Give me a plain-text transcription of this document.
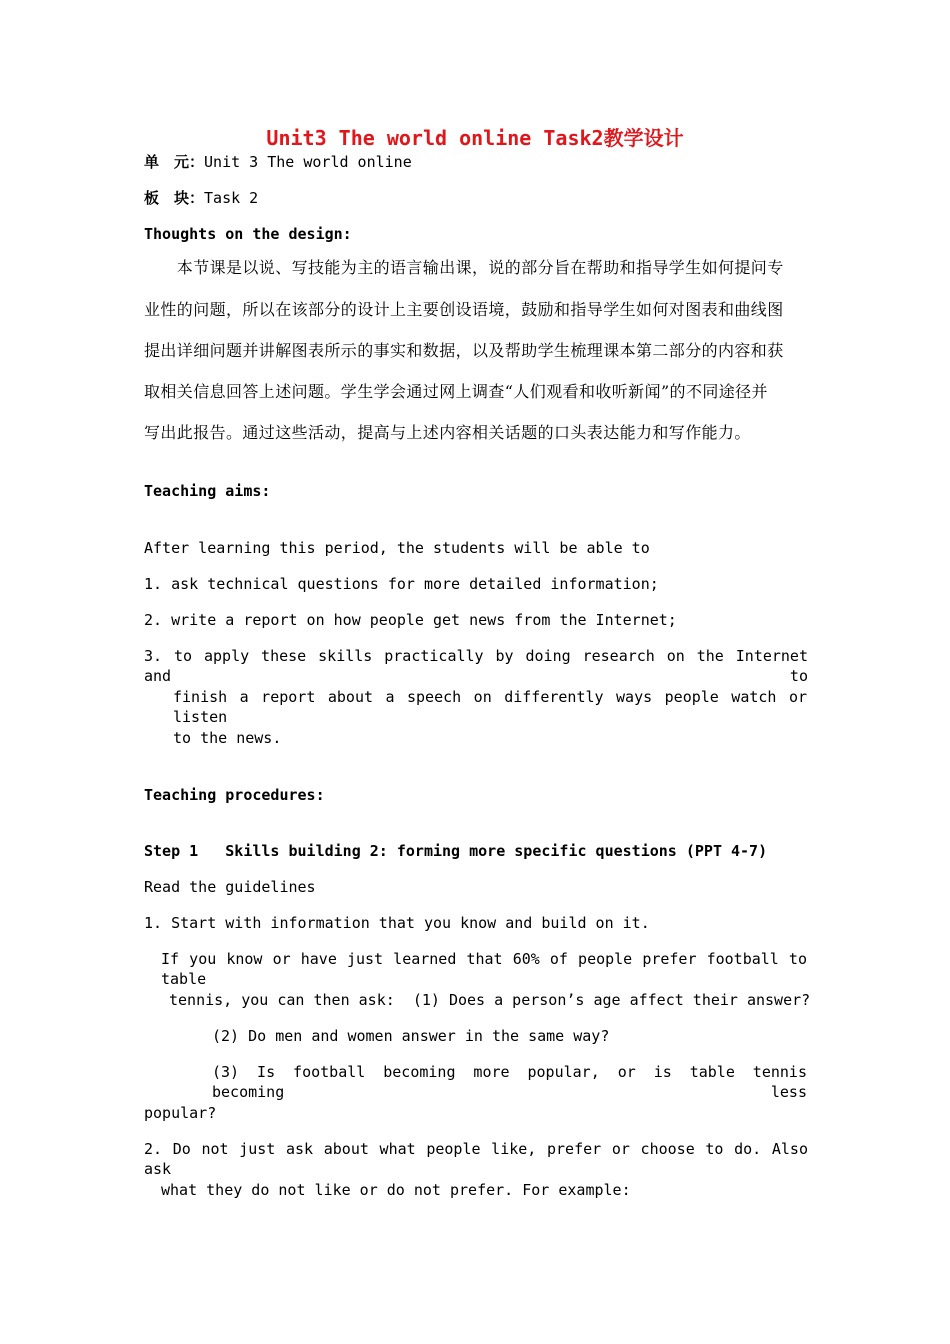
Unit3 The world online Task2教学设计

单　元：Unit 3 The world online

板　块：Task 2

Thoughts on the design:

　　本节课是以说、写技能为主的语言输出课，说的部分旨在帮助和指导学生如何提问专

业性的问题，所以在该部分的设计上主要创设语境，鼓励和指导学生如何对图表和曲线图

提出详细问题并讲解图表所示的事实和数据，以及帮助学生梳理课本第二部分的内容和获

取相关信息回答上述问题。学生学会通过网上调查“人们观看和收听新闻”的不同途径并

写出此报告。通过这些活动，提高与上述内容相关话题的口头表达能力和写作能力。

Teaching aims:

After learning this period, the students will be able to

1. ask technical questions for more detailed information;

2. write a report on how people get news from the Internet;

3. to apply these skills practically by doing research on the Internet and to

finish a report about a speech on differently ways people watch or listen

to the news.

Teaching procedures:

Step 1   Skills building 2: forming more specific questions (PPT 4-7)

Read the guidelines

1. Start with information that you know and build on it.

If you know or have just learned that 60% of people prefer football to table

tennis, you can then ask:  (1) Does a person’s age affect their answer?

(2) Do men and women answer in the same way?

(3) Is football becoming more popular, or is table tennis becoming less

popular?

2. Do not just ask about what people like, prefer or choose to do. Also ask

what they do not like or do not prefer. For example:
